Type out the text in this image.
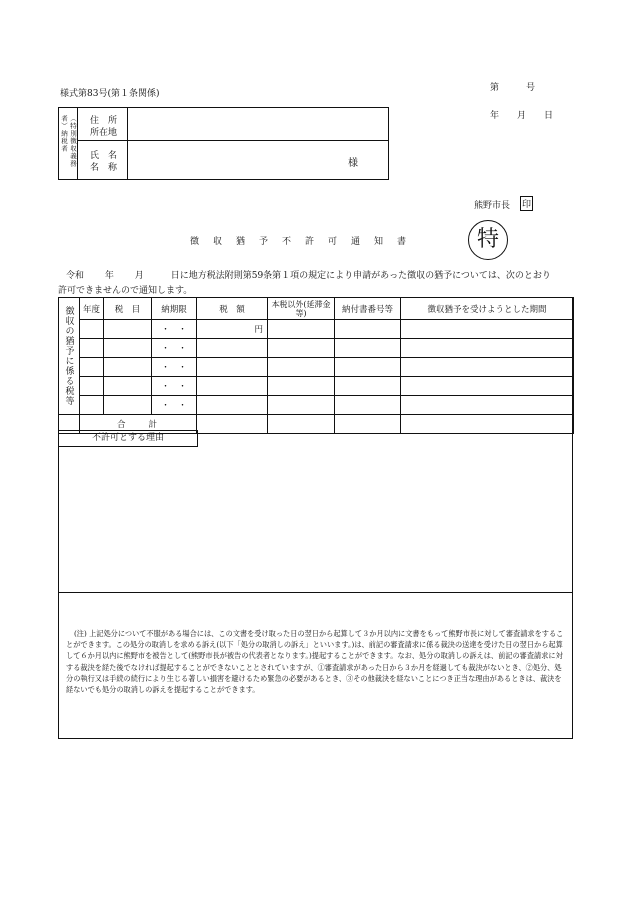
様式第83号(第１条関係)
第　　　号
年　　月　　日
（特別徴収義務者）納税者	住　所
所在地
氏　名
名　称	様
熊野市長 印
徴収猶予不許可通知書	特
令和　　 年　　 月　　　日に地方税法附則第59条第１項の規定により申請があった徴収の猶予については、次のとおり
許可できませんので通知します。
徴収の猶予に係る税等	年度	税　目	納期限	税　額	本税以外(延滞金等)	納付書番号等	徴収猶予を受けようとした期間	
			・　・	円				
			・　・					
			・　・					
			・　・					
			・　・					
	合　　計							
不許可とする理由
(注) 上記処分について不服がある場合には、この文書を受け取った日の翌日から起算して３か月以内に文書をもって熊野市長に対して審査請求をすることができます。この処分の取消しを求める訴え(以下「処分の取消しの訴え」といいます。)は、前記の審査請求に係る裁決の送達を受けた日の翌日から起算して６か月以内に熊野市を被告として(熊野市長が被告の代表者となります。)提起することができます。なお、処分の取消しの訴えは、前記の審査請求に対する裁決を経た後でなければ提起することができないこととされていますが、①審査請求があった日から３か月を経過しても裁決がないとき、②処分、処分の執行又は手続の続行により生じる著しい損害を避けるため緊急の必要があるとき、③その他裁決を経ないことにつき正当な理由があるときは、裁決を経ないでも処分の取消しの訴えを提起することができます。
